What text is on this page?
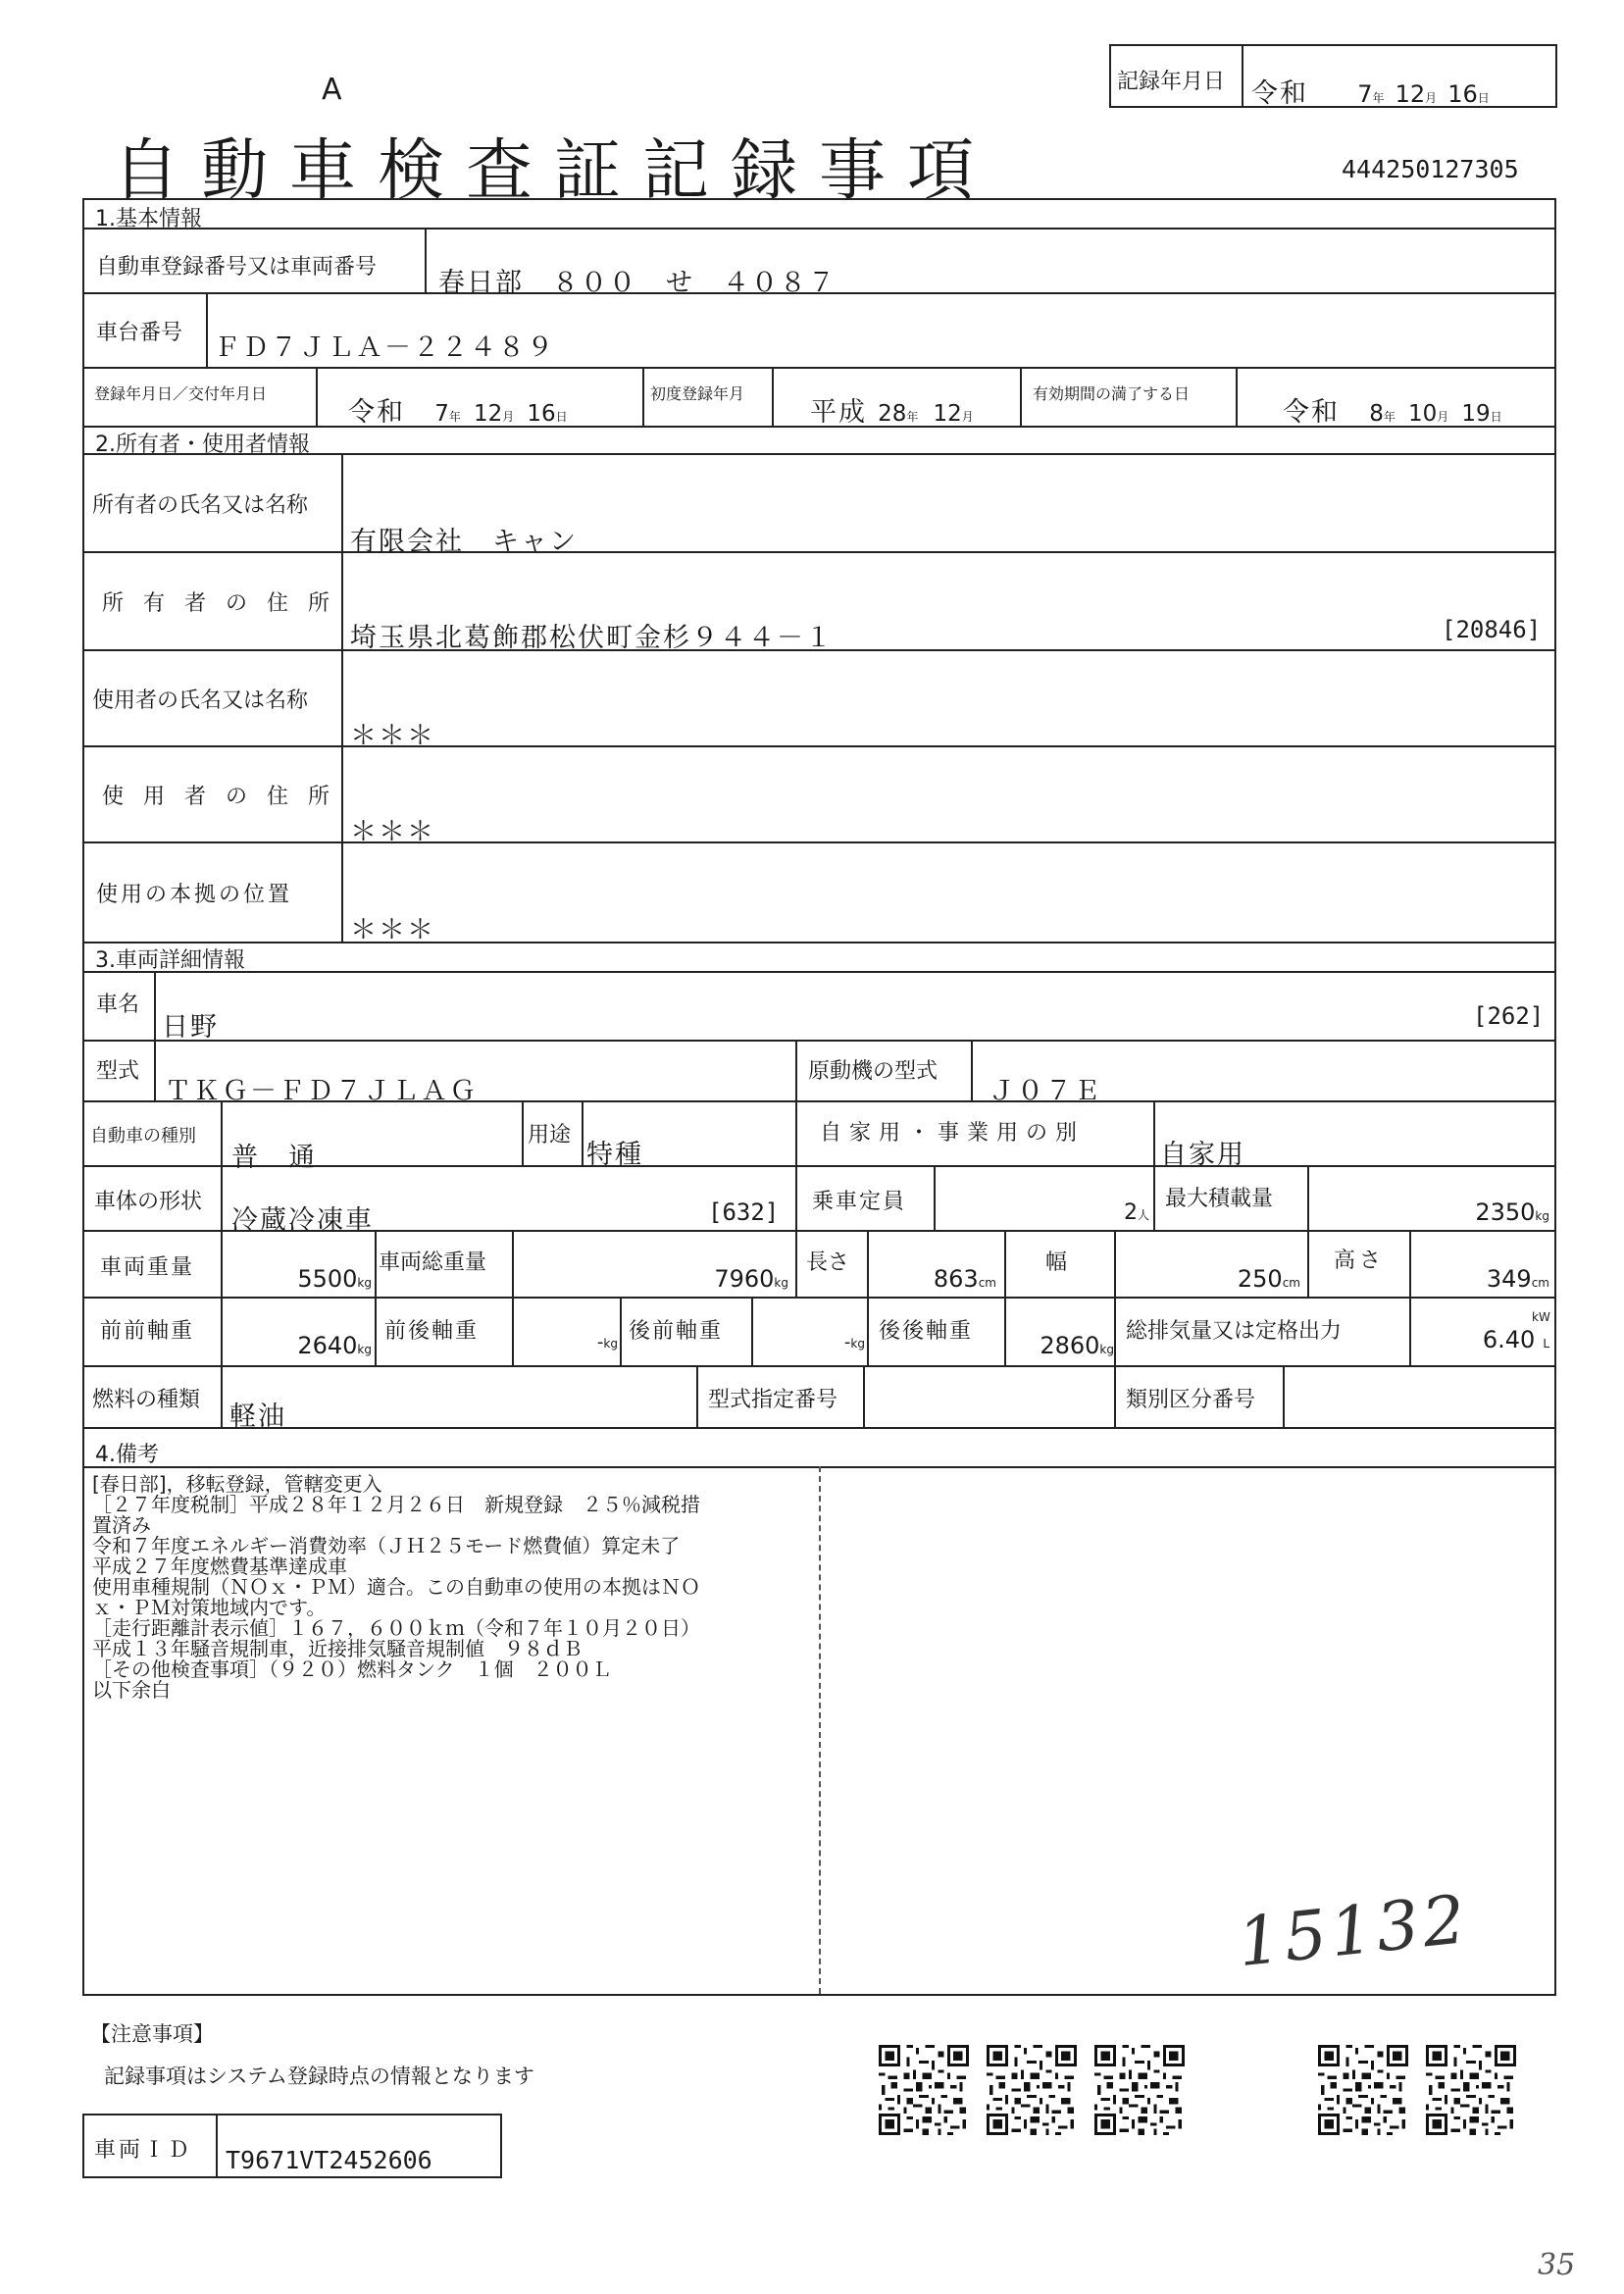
A
自動車検査証記録事項	444250127305
記録年月日 令和 7年 12月 16日
1.基本情報
自動車登録番号又は車両番号
春日部　８００　せ　４０８７
車台番号 ＦＤ７ＪＬＡ－２２４８９
登録年月日／交付年月日
令和 7年 12月 16日
初度登録年月
平成 28年 12月
有効期間の満了する日
令和 8年 10月 19日
2.所有者・使用者情報
所有者の氏名又は名称
有限会社　キャン
所有者の住所
埼玉県北葛飾郡松伏町金杉９４４－１	[20846]
使用者の氏名又は名称
＊＊＊
使用者の住所
＊＊＊
使用の本拠の位置
＊＊＊
3.車両詳細情報
車名
日野	[262]
型式
ＴＫＧ－ＦＤ７ＪＬＡＧ
原動機の型式
Ｊ０７Ｅ
自動車の種別
普　通
用途
特種
自家用・事業用の別
自家用
車体の形状
冷蔵冷凍車	[632] 乗車定員	2人
最大積載量	2350kg
車両重量	5500kg
車両総重量
7960kg
長さ
863cm
幅
250cm
高さ
349cm
前前軸重
2640kg
前後軸重	-kg 後前軸重	-kg 後後軸重
2860kg
総排気量又は定格出力
kW
6.40 L
燃料の種類
軽油
型式指定番号	類別区分番号
4.備考
[春日部]，移転登録，管轄変更入
［２７年度税制］平成２８年１２月２６日　新規登録　２５％減税措
置済み
令和７年度エネルギー消費効率（ＪＨ２５モード燃費値）算定未了
平成２７年度燃費基準達成車
使用車種規制（ＮＯｘ・ＰＭ）適合。この自動車の使用の本拠はＮＯ
ｘ・ＰＭ対策地域内です。
［走行距離計表示値］１６７，６００ｋｍ（令和７年１０月２０日）
平成１３年騒音規制車，近接排気騒音規制値　９８ｄＢ
［その他検査事項］（９２０）燃料タンク　１個　２００Ｌ
以下余白
15132
【注意事項】
記録事項はシステム登録時点の情報となります
車両ＩＤ T9671VT2452606
35
